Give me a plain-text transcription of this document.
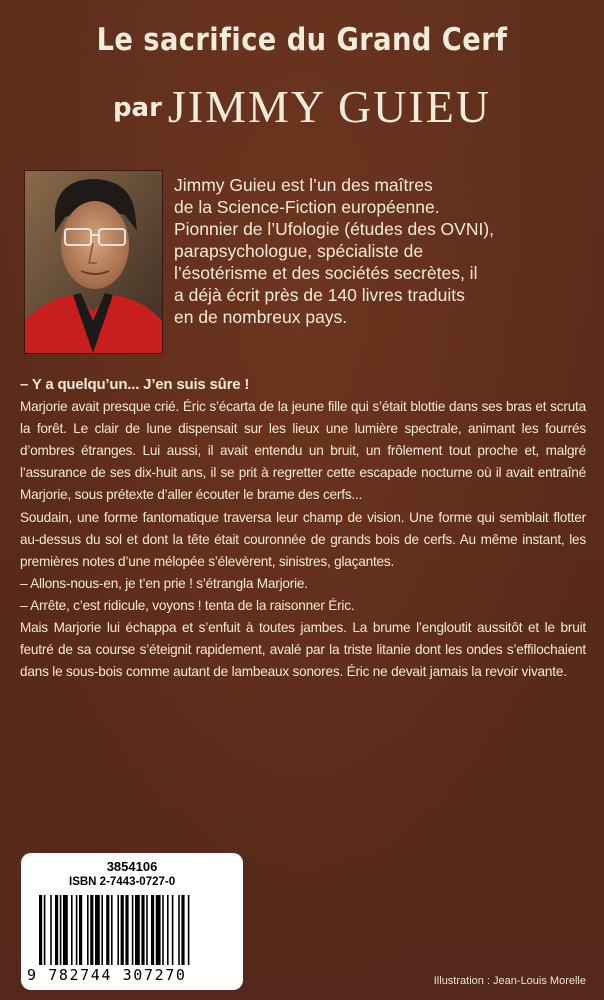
Le sacrifice du Grand Cerf
par JIMMY GUIEU
Jimmy Guieu est l’un des maîtres
de la Science-Fiction européenne.
Pionnier de l’Ufologie (études des OVNI),
parapsychologue, spécialiste de
l’ésotérisme et des sociétés secrètes, il
a déjà écrit près de 140 livres traduits
en de nombreux pays.

– Y a quelqu’un... J’en suis sûre !

Marjorie avait presque crié. Éric s’écarta de la jeune fille qui s’était blottie dans ses bras et scruta la forêt. Le clair de lune dispensait sur les lieux une lumière spectrale, animant les fourrés d’ombres étranges. Lui aussi, il avait entendu un bruit, un frôlement tout proche et, malgré l’assurance de ses dix-huit ans, il se prit à regretter cette escapade nocturne où il avait entraîné Marjorie, sous prétexte d’aller écouter le brame des cerfs...

Soudain, une forme fantomatique traversa leur champ de vision. Une forme qui semblait flotter au-dessus du sol et dont la tête était couronnée de grands bois de cerfs. Au même instant, les premières notes d’une mélopée s’élevèrent, sinistres, glaçantes.

– Allons-nous-en, je t’en prie ! s’étrangla Marjorie.

– Arrête, c’est ridicule, voyons ! tenta de la raisonner Éric.

Mais Marjorie lui échappa et s’enfuit à toutes jambes. La brume l’engloutit aussitôt et le bruit feutré de sa course s’éteignit rapidement, avalé par la triste litanie dont les ondes s’effilochaient dans le sous-bois comme autant de lambeaux sonores. Éric ne devait jamais la revoir vivante.

3854106
ISBN 2-7443-0727-0
9 782744 307270	Illustration : Jean-Louis Morelle
